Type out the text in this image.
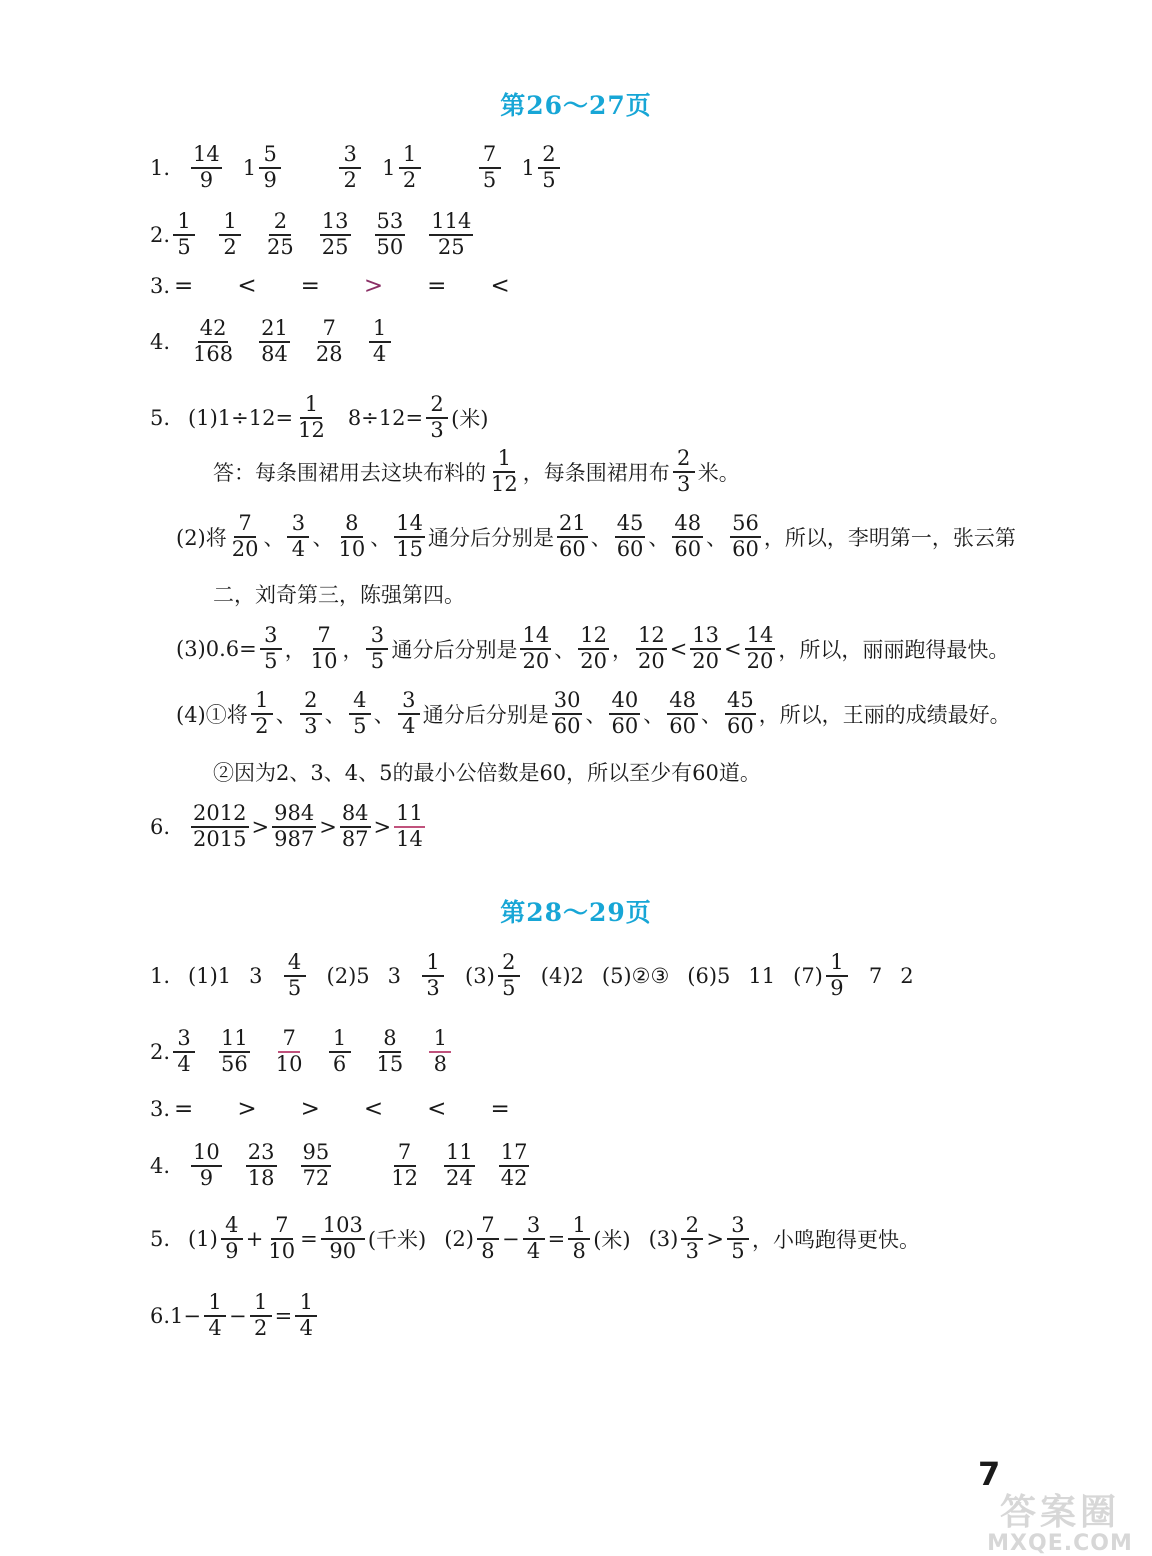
第26～27页
1. $\frac{14}{9} 1 \frac{5}{9}$	$\frac{3}{2} 1 \frac{1}{2}$	$\frac{7}{5} 1 \frac{2}{5}$
2. $\frac{1}{5} \frac{1}{2} \frac{2}{25} \frac{13}{25} \frac{53}{50} \frac{114}{25}$
3. = < = > = <
4. $\frac{42}{168} \frac{21}{84} \frac{7}{28} \frac{1}{4}$
5. $(1)1\div 12= \frac{1}{12} 8\div 12= \frac{2}{3}$ (米)
答：每条围裙用去这块布料的 $\frac{1}{12}$ ，每条围裙用布 $\frac{2}{3}$ 米。
(2)将 $\frac{7}{20}$ 、 $\frac{3}{4}$ 、 $\frac{8}{10}$ 、 $\frac{14}{15}$ 通分后分别是 $\frac{21}{60}$ 、 $\frac{45}{60}$ 、 $\frac{48}{60}$ 、 $\frac{56}{60}$ ，所以，李明第一，张云第
二，刘奇第三，陈强第四。
$(3)0.6= \frac{3}{5}$ ， $\frac{7}{10}$ ， $\frac{3}{5}$ 通分后分别是 $\frac{14}{20}$ 、 $\frac{12}{20}$ ， $\frac{12}{20} < \frac{13}{20} < \frac{14}{20}$ ，所以，丽丽跑得最快。
(4)①将 $\frac{1}{2}$ 、 $\frac{2}{3}$ 、 $\frac{4}{5}$ 、 $\frac{3}{4}$ 通分后分别是 $\frac{30}{60}$ 、 $\frac{40}{60}$ 、 $\frac{48}{60}$ 、 $\frac{45}{60}$ ，所以，王丽的成绩最好。
②因为2、3、4、5的最小公倍数是60，所以至少有60道。
6. $\frac{2012}{2015} > \frac{984}{987} > \frac{84}{87} > \frac{11}{14}$
第28～29页
1. (1)1 $3 \frac{4}{5} (2)5$ $3 \frac{1}{3} (3) \frac{2}{5} (4)2$ (5)②③ (6)5 11 $(7) \frac{1}{9} 7$ 2
2. $\frac{3}{4} \frac{11}{56} \frac{7}{10} \frac{1}{6} \frac{8}{15} \frac{1}{8}$
3. = > > < < =
4. $\frac{10}{9} \frac{23}{18} \frac{95}{72}$	$\frac{7}{12} \frac{11}{24} \frac{17}{42}$
5. $(1) \frac{4}{9} + \frac{7}{10} = \frac{103}{90}$ (千米) $(2) \frac{7}{8} - \frac{3}{4} = \frac{1}{8}$ (米) $(3) \frac{2}{3} > \frac{3}{5}$ ，小鸣跑得更快。
6. $1 - \frac{1}{4} - \frac{1}{2} = \frac{1}{4}$
7
答案圈
MXQE.COM
